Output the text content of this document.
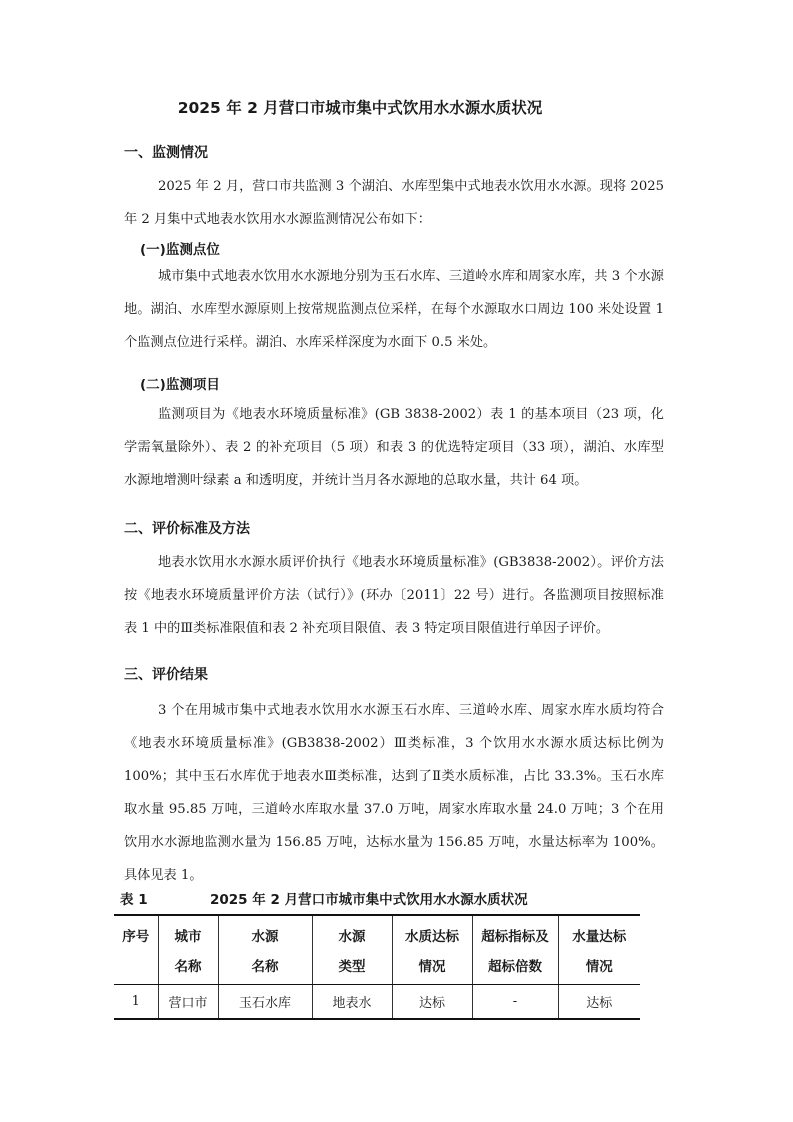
2025 年 2 月营口市城市集中式饮用水水源水质状况
一、监测情况

2025 年 2 月，营口市共监测 3 个湖泊、水库型集中式地表水饮用水水源。现将 2025 年 2 月集中式地表水饮用水水源监测情况公布如下：

(一)监测点位

城市集中式地表水饮用水水源地分别为玉石水库、三道岭水库和周家水库，共 3 个水源地。湖泊、水库型水源原则上按常规监测点位采样，在每个水源取水口周边 100 米处设置 1 个监测点位进行采样。湖泊、水库采样深度为水面下 0.5 米处。

(二)监测项目

监测项目为《地表水环境质量标准》(GB 3838-2002）表 1 的基本项目（23 项，化学需氧量除外）、表 2 的补充项目（5 项）和表 3 的优选特定项目（33 项），湖泊、水库型水源地增测叶绿素 a 和透明度，并统计当月各水源地的总取水量，共计 64 项。

二、评价标准及方法

地表水饮用水水源水质评价执行《地表水环境质量标准》(GB3838-2002）。评价方法按《地表水环境质量评价方法（试行）》(环办〔2011〕22 号）进行。各监测项目按照标准表 1 中的Ⅲ类标准限值和表 2 补充项目限值、表 3 特定项目限值进行单因子评价。

三、评价结果

3 个在用城市集中式地表水饮用水水源玉石水库、三道岭水库、周家水库水质均符合《地表水环境质量标准》(GB3838-2002）Ⅲ类标准，3 个饮用水水源水质达标比例为 100%；其中玉石水库优于地表水Ⅲ类标准，达到了Ⅱ类水质标准，占比 33.3%。玉石水库取水量 95.85 万吨，三道岭水库取水量 37.0 万吨，周家水库取水量 24.0 万吨；3 个在用饮用水水源地监测水量为 156.85 万吨，达标水量为 156.85 万吨，水量达标率为 100%。具体见表 1。

表 1	2025 年 2 月营口市城市集中式饮用水水源水质状况
序号	城市	水源	水源	水质达标	超标指标及	水量达标
	名称	名称	类型	情况	超标倍数	情况
1	营口市	玉石水库	地表水	达标	-	达标
